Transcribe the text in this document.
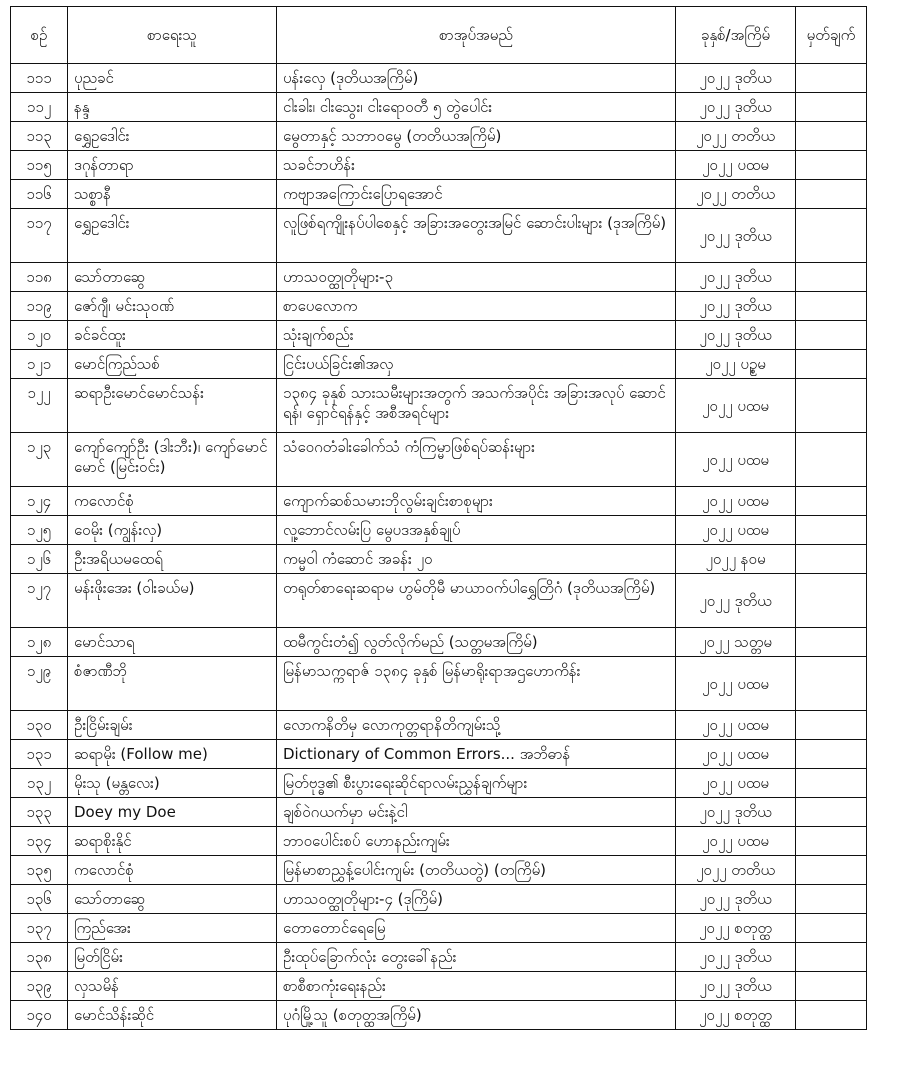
စဉ်	စာရေးသူ	စာအုပ်အမည်	ခုနှစ်/အကြိမ်	မှတ်ချက်
၁၁၁	ပုညခင်	ပန်းလှေ (ဒုတိယအကြိမ်)	၂၀၂၂ ဒုတိယ	
၁၁၂	နန္ဒ	ငါးခါး၊ ငါးသွေး၊ ငါးရောဝတီ ၅ တွဲပေါင်း	၂၀၂၂ ဒုတိယ	
၁၁၃	ရွှေဥဒေါင်း	မွေတာနှင့် သဘာဝမွေ (တတိယအကြိမ်)	၂၀၂၂ တတိယ	
၁၁၅	ဒဂုန်တာရာ	သခင်ဘဟိန်း	၂၀၂၂ ပထမ	
၁၁၆	သစ္စာနီ	ကဗျာအကြောင်းပြောရအောင်	၂၀၂၂ တတိယ	
၁၁၇	ရွှေဥဒေါင်း	လူဖြစ်ရကျိုးနပ်ပါစေနှင့် အခြားအတွေးအမြင် ဆောင်းပါးများ (ဒုအကြိမ်)	၂၀၂၂ ဒုတိယ	
၁၁၈	သော်တာဆွေ	ဟာသဝတ္ထုတိုများ-၃	၂၀၂၂ ဒုတိယ	
၁၁၉	ဇော်ဂျီ၊ မင်းသုဝဏ်	စာပေလောက	၂၀၂၂ ဒုတိယ	
၁၂၀	ခင်ခင်ထူး	သုံးချက်စည်း	၂၀၂၂ ဒုတိယ	
၁၂၁	မောင်ကြည်သစ်	ငြင်းပယ်ခြင်း၏အလှ	၂၀၂၂ ပဉ္စမ	
၁၂၂	ဆရာဦးမောင်မောင်သန်း	၁၃၈၄ ခုနှစ် သားသမီးများအတွက် အသက်အပိုင်း အခြားအလုပ် ဆောင်ရန်၊ ရှောင်ရန်နှင့် အစီအရင်များ	၂၀၂၂ ပထမ	
၁၂၃	ကျော်ကျော်ဦး (ဒါးဘီး)၊ ကျော်မောင်မောင် (မြင်းဝင်း)	သံဝေဂတံခါးခေါက်သံ ကံကြမ္မာဖြစ်ရပ်ဆန်းများ	၂၀၂၂ ပထမ	
၁၂၄	ကလောင်စုံ	ကျောက်ဆစ်သမားဘိုလွမ်းချင်းစာစုများ	၂၀၂၂ ပထမ	
၁၂၅	ဝေမိုး (ကျွန်းလှ)	လူ့ဘောင်လမ်းပြ မွေပဒအနှစ်ချုပ်	၂၀၂၂ ပထမ	
၁၂၆	ဦးအရိယမထေရ်	ကမ္မဝါ ကံဆောင် အခန်း ၂၀	၂၀၂၂ နဝမ	
၁၂၇	မန်းဖိုးအေး (ဝါးခယ်မ)	တရုတ်စာရေးဆရာမ ဟွမ်တိုမီ မာယာဝက်ပါရွှေတြိဂံ (ဒုတိယအကြိမ်)	၂၀၂၂ ဒုတိယ	
၁၂၈	မောင်သာရ	ထမီကွင်းတံ၍ လွတ်လိုက်မည် (သတ္တမအကြိမ်)	၂၀၂၂ သတ္တမ	
၁၂၉	စံဇာဏီဘို	မြန်မာသက္ကရာဇ် ၁၃၈၄ ခုနှစ် မြန်မာရိုးရာအဌဟောကိန်း	၂၀၂၂ ပထမ	
၁၃၀	ဦးငြိမ်းချမ်း	လောကနိတိမှ လောကုတ္တရာနိတိကျမ်းသို့	၂၀၂၂ ပထမ	
၁၃၁	ဆရာမိုး (Follow me)	Dictionary of Common Errors... အဘိဓာန်	၂၀၂၂ ပထမ	
၁၃၂	မိုးသု (မန္တလေး)	မြတ်ဗုဒ္ဓ၏ စီးပွားရေးဆိုင်ရာလမ်းညွှန်ချက်များ	၂၀၂၂ ပထမ	
၁၃၃	Doey my Doe	ချစ်ဝဲဂယက်မှာ မင်းနဲ့ငါ	၂၀၂၂ ဒုတိယ	
၁၃၄	ဆရာစိုးနိုင်	ဘာဝပေါင်းစပ် ဟောနည်းကျမ်း	၂၀၂၂ ပထမ	
၁၃၅	ကလောင်စုံ	မြန်မာစာညွှန့်ပေါင်းကျမ်း (တတိယတွဲ) (တကြိမ်)	၂၀၂၂ တတိယ	
၁၃၆	သော်တာဆွေ	ဟာသဝတ္ထုတိုများ-၄ (ဒုကြိမ်)	၂၀၂၂ ဒုတိယ	
၁၃၇	ကြည်အေး	တောတောင်ရေမြေ	၂၀၂၂ စတုတ္ထ	
၁၃၈	မြတ်ငြိမ်း	ဦးထုပ်ခြောက်လုံး တွေးခေါ်နည်း	၂၀၂၂ ဒုတိယ	
၁၃၉	လှသမိန်	စာစီစာကုံးရေးနည်း	၂၀၂၂ ဒုတိယ	
၁၄၀	မောင်သိန်းဆိုင်	ပုဂံမြို့သူ (စတုတ္ထအကြိမ်)	၂၀၂၂ စတုတ္ထ	
